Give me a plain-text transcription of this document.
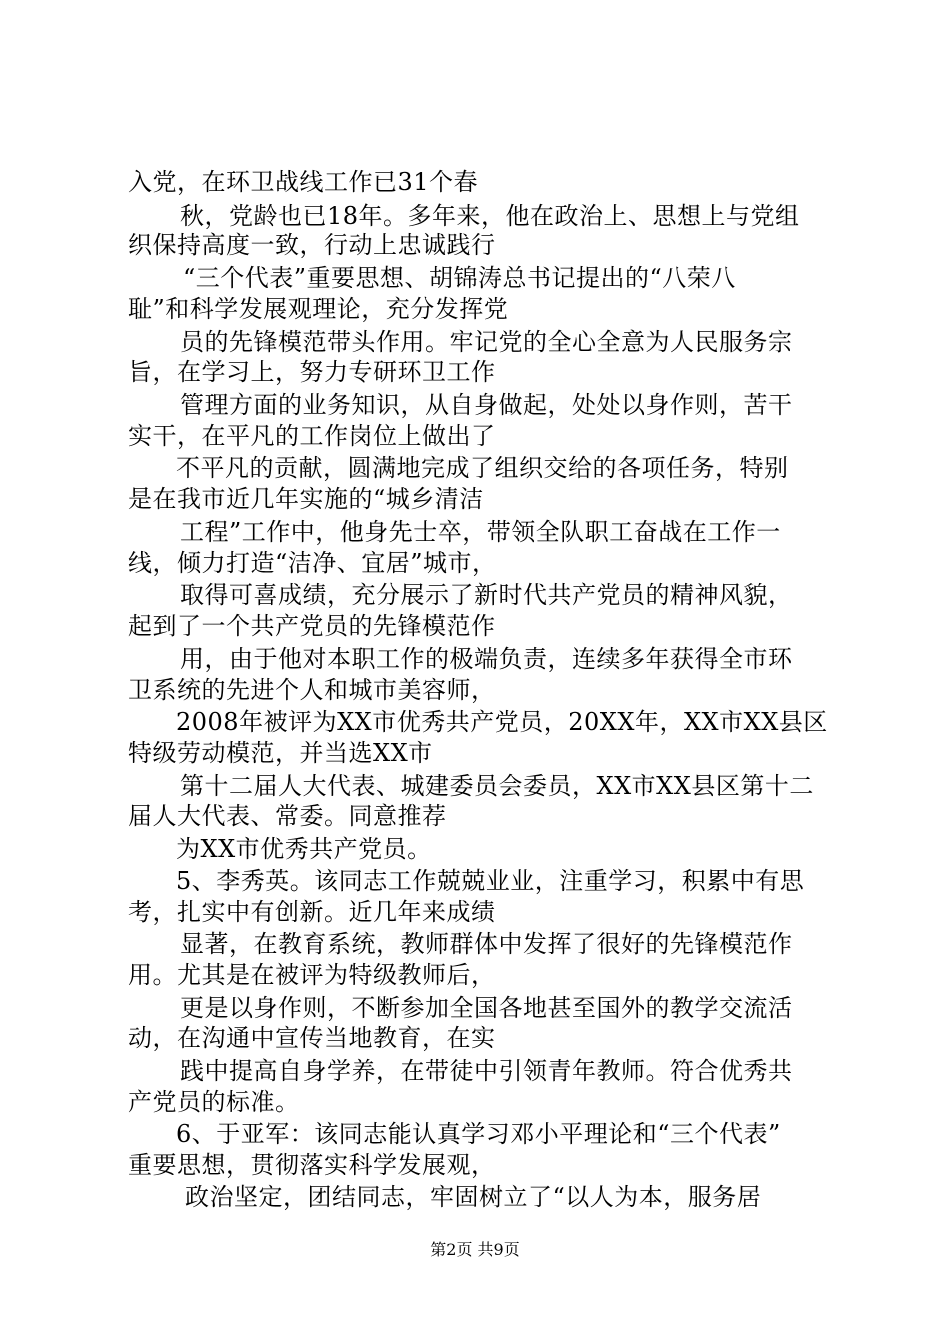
入党，在环卫战线工作已31个春
秋，党龄也已18年。多年来，他在政治上、思想上与党组
织保持高度一致，行动上忠诚践行
“三个代表”重要思想、胡锦涛总书记提出的“八荣八
耻”和科学发展观理论，充分发挥党
员的先锋模范带头作用。牢记党的全心全意为人民服务宗
旨，在学习上，努力专研环卫工作
管理方面的业务知识，从自身做起，处处以身作则，苦干
实干，在平凡的工作岗位上做出了
不平凡的贡献，圆满地完成了组织交给的各项任务，特别
是在我市近几年实施的“城乡清洁
工程”工作中，他身先士卒，带领全队职工奋战在工作一
线，倾力打造“洁净、宜居”城市，
取得可喜成绩，充分展示了新时代共产党员的精神风貌，
起到了一个共产党员的先锋模范作
用，由于他对本职工作的极端负责，连续多年获得全市环
卫系统的先进个人和城市美容师，
2008年被评为XX市优秀共产党员，20XX年，XX市XX县区
特级劳动模范，并当选XX市
第十二届人大代表、城建委员会委员，XX市XX县区第十二
届人大代表、常委。同意推荐
为XX市优秀共产党员。
5、李秀英。该同志工作兢兢业业，注重学习，积累中有思
考，扎实中有创新。近几年来成绩
显著，在教育系统，教师群体中发挥了很好的先锋模范作
用。尤其是在被评为特级教师后，
更是以身作则，不断参加全国各地甚至国外的教学交流活
动，在沟通中宣传当地教育，在实
践中提高自身学养，在带徒中引领青年教师。符合优秀共
产党员的标准。
6、于亚军：该同志能认真学习邓小平理论和“三个代表”
重要思想，贯彻落实科学发展观，
政治坚定，团结同志，牢固树立了“以人为本，服务居
第2页 共9页
